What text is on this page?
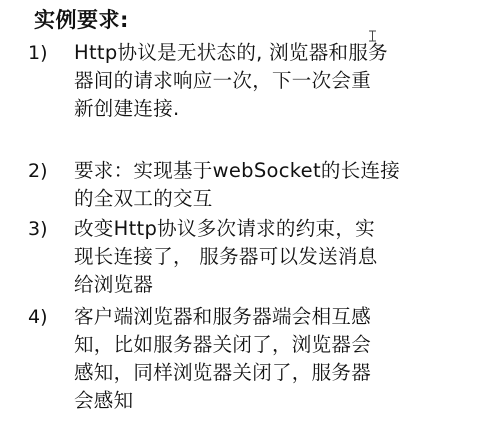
实例要求:
1)	Http协议是无状态的, 浏览器和服务
器间的请求响应一次，下一次会重
新创建连接.
2)	要求：实现基于webSocket的长连接
的全双工的交互
3)	改变Http协议多次请求的约束，实
现长连接了， 服务器可以发送消息
给浏览器
4)	客户端浏览器和服务器端会相互感
知，比如服务器关闭了，浏览器会
感知，同样浏览器关闭了，服务器
会感知
